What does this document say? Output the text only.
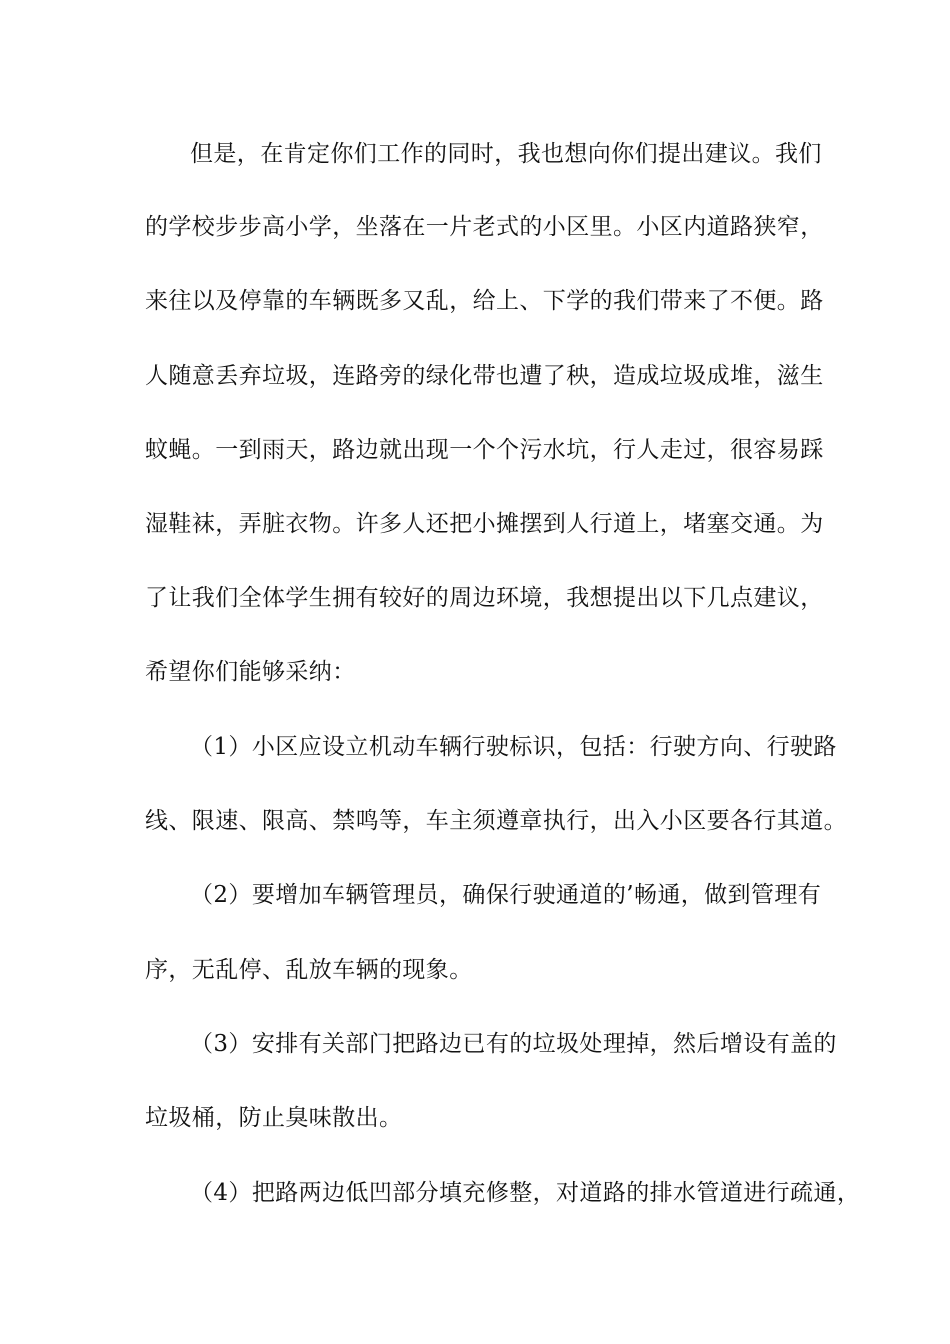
但是，在肯定你们工作的同时，我也想向你们提出建议。我们
的学校步步高小学，坐落在一片老式的小区里。小区内道路狭窄，
来往以及停靠的车辆既多又乱，给上、下学的我们带来了不便。路
人随意丢弃垃圾，连路旁的绿化带也遭了秧，造成垃圾成堆，滋生
蚊蝇。一到雨天，路边就出现一个个污水坑，行人走过，很容易踩
湿鞋袜，弄脏衣物。许多人还把小摊摆到人行道上，堵塞交通。为
了让我们全体学生拥有较好的周边环境，我想提出以下几点建议，
希望你们能够采纳：
（1）小区应设立机动车辆行驶标识，包括：行驶方向、行驶路
线、限速、限高、禁鸣等，车主须遵章执行，出入小区要各行其道。
（2）要增加车辆管理员，确保行驶通道的’畅通，做到管理有
序，无乱停、乱放车辆的现象。
（3）安排有关部门把路边已有的垃圾处理掉，然后增设有盖的
垃圾桶，防止臭味散出。
（4）把路两边低凹部分填充修整，对道路的排水管道进行疏通，
